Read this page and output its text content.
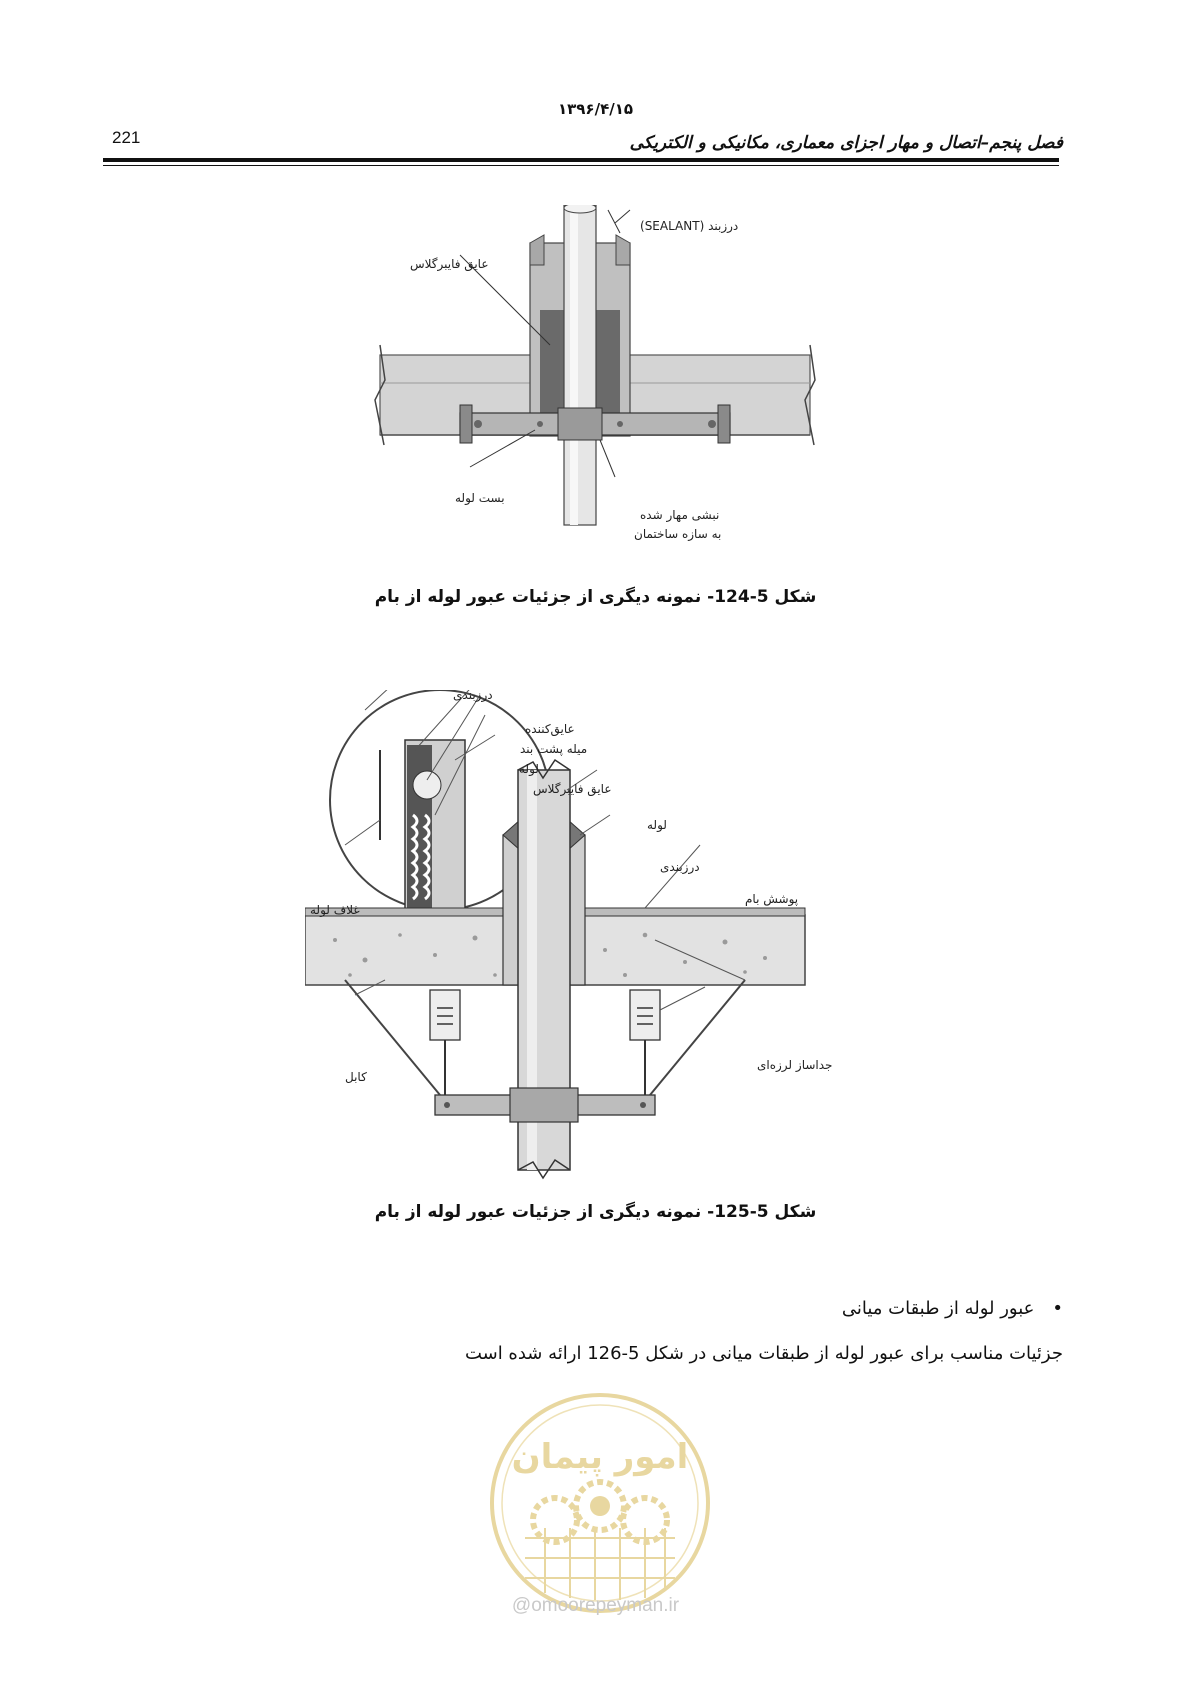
۱۳۹۶/۴/۱۵
221	فصل پنجم–اتصال و مهار اجزای معماری، مکانیکی و الکتریکی
درزبند (SEALANT)
عایق فایبرگلاس
بست لوله
نبشی مهار شده
به سازه ساختمان
شکل 5-124- نمونه دیگری از جزئیات عبور لوله از بام
درزبندی
عایق‌کننده
میله پشت بند
لوله
عایق فایبرگلاس
لوله
درزبندی
پوشش بام
غلاف لوله
جداساز لرزه‌ای
کابل
شکل 5-125- نمونه دیگری از جزئیات عبور لوله از بام
•عبور لوله از طبقات میانی
جزئیات مناسب برای عبور لوله از طبقات میانی در شکل 5-126 ارائه شده است
امور پیمان
@omoorepeyman.ir
